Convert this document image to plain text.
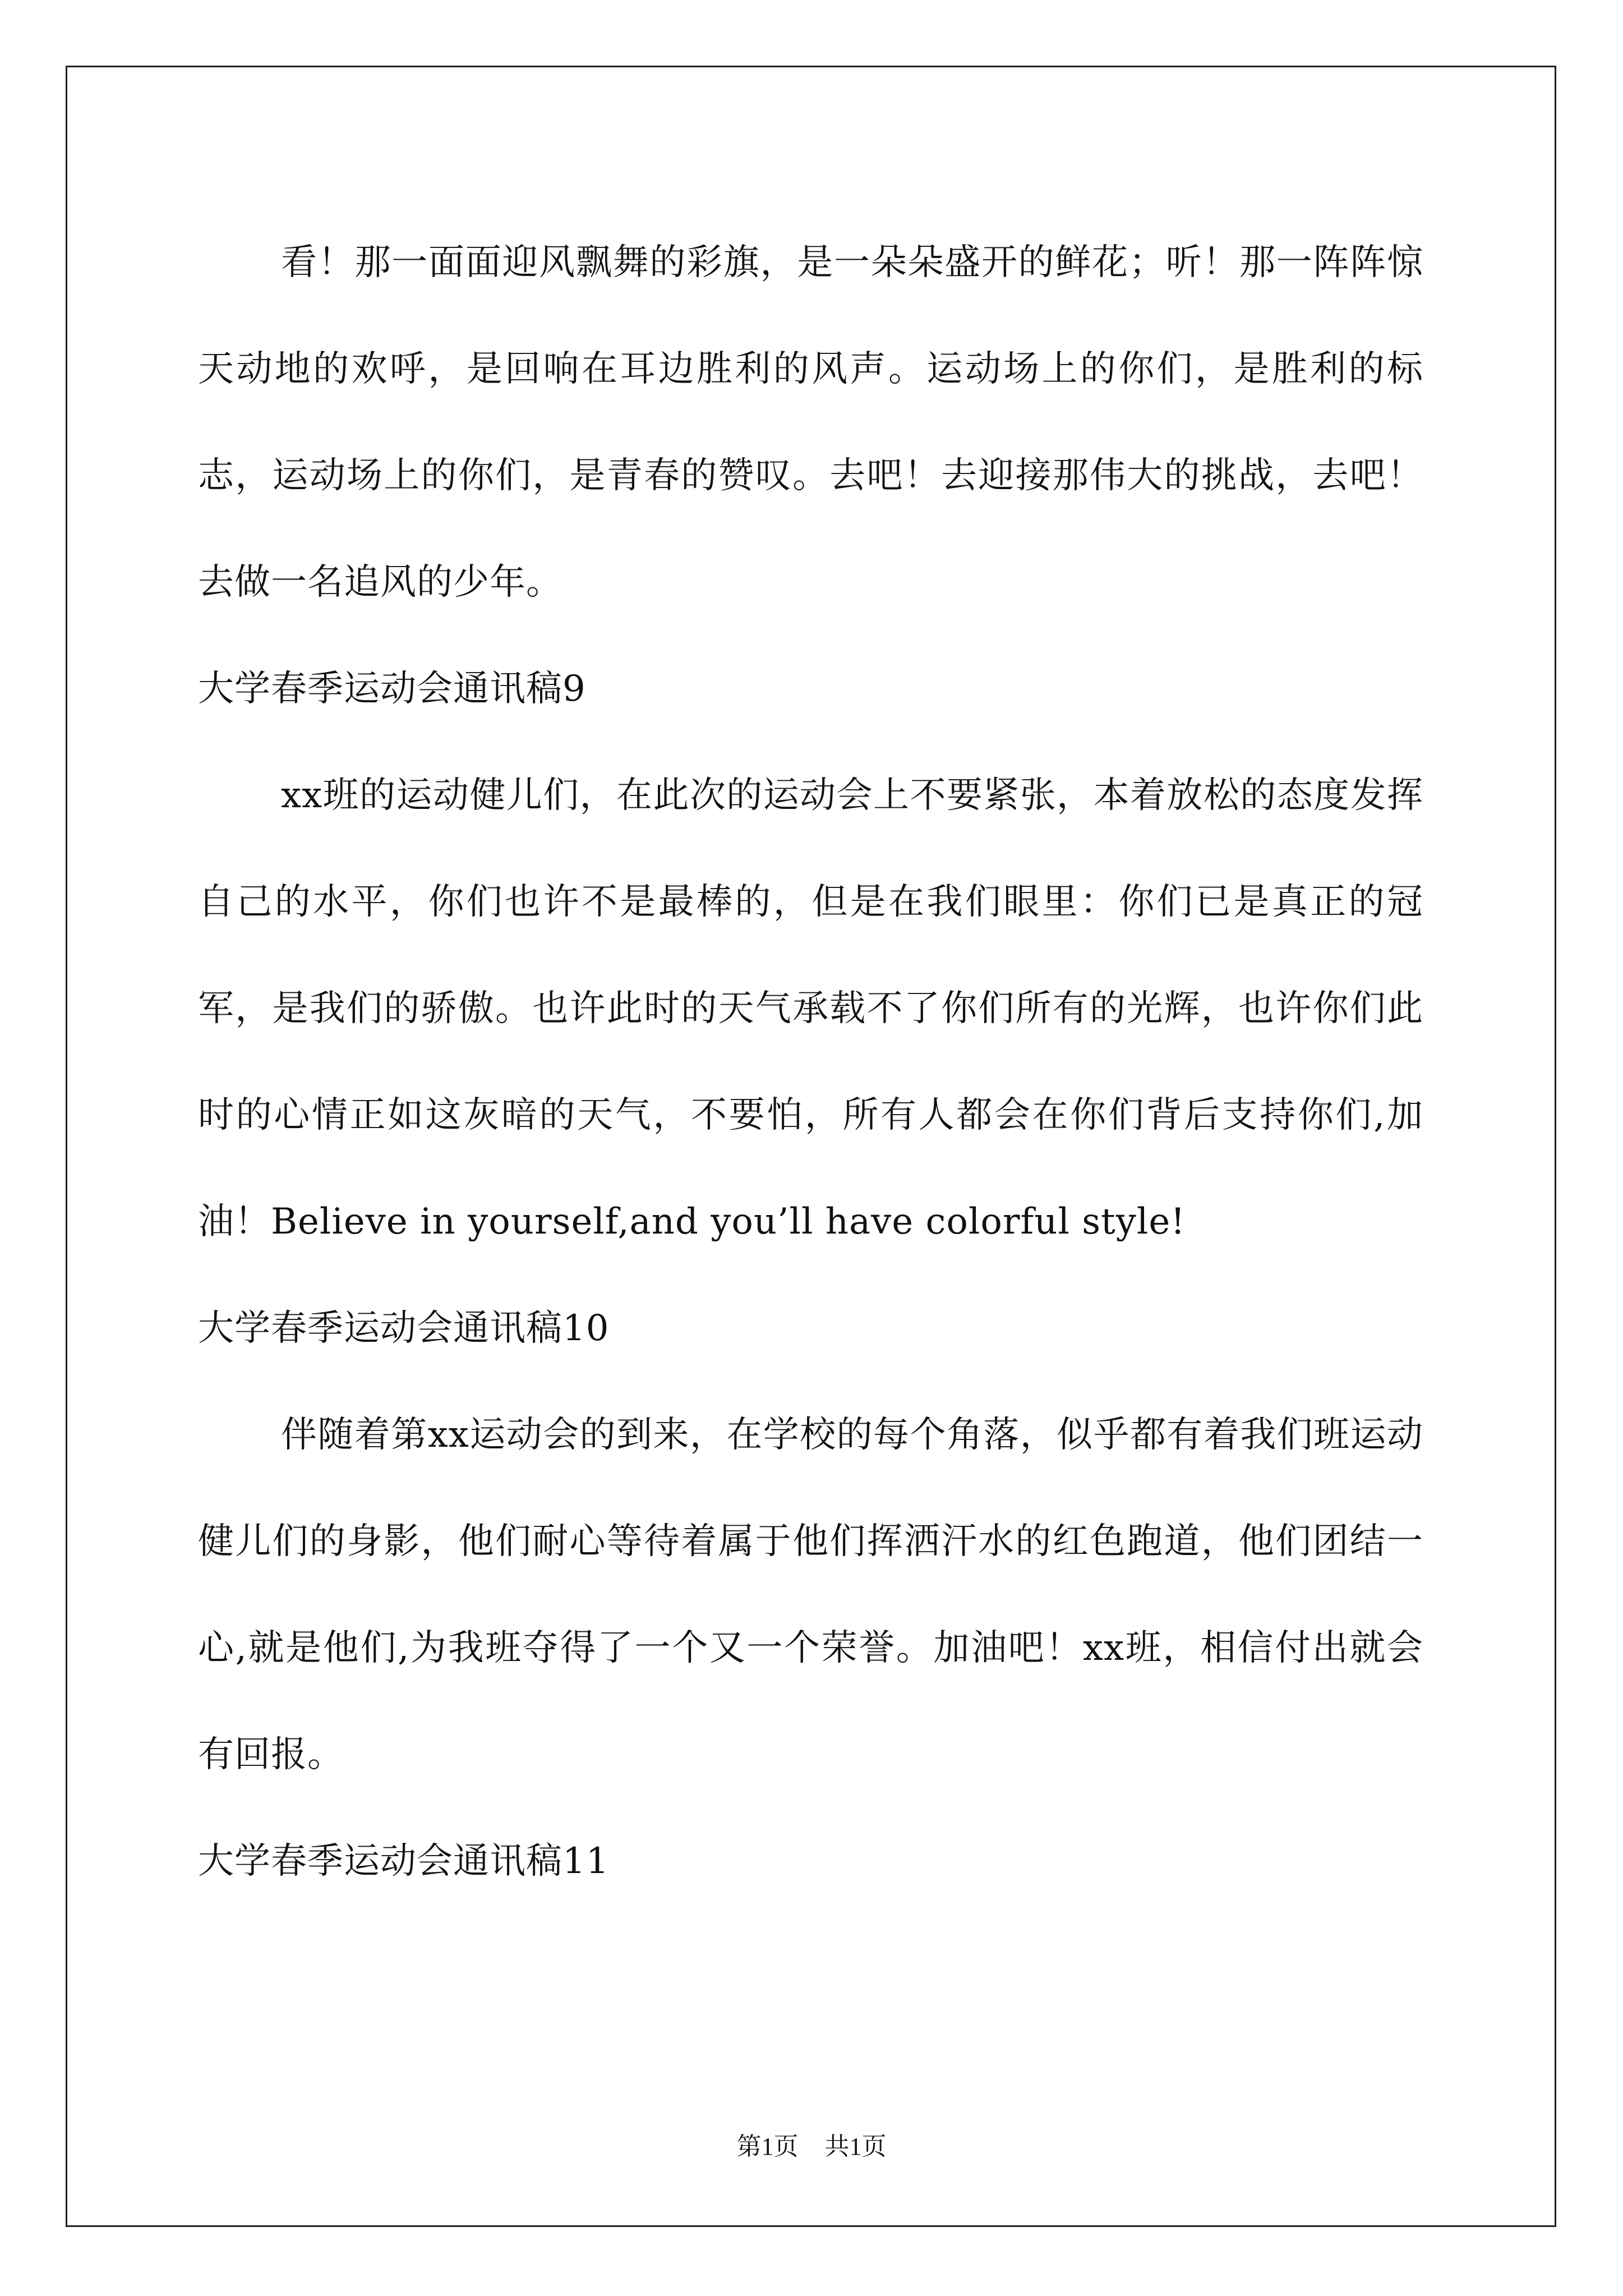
看！那一面面迎风飘舞的彩旗，是一朵朵盛开的鲜花；听！那一阵阵惊天动地的欢呼，是回响在耳边胜利的风声。运动场上的你们，是胜利的标志，运动场上的你们，是青春的赞叹。去吧！去迎接那伟大的挑战，去吧！去做一名追风的少年。

大学春季运动会通讯稿9

xx班的运动健儿们，在此次的运动会上不要紧张，本着放松的态度发挥自己的水平，你们也许不是最棒的，但是在我们眼里：你们已是真正的冠军，是我们的骄傲。也许此时的天气承载不了你们所有的光辉，也许你们此时的心情正如这灰暗的天气，不要怕，所有人都会在你们背后支持你们,加油！Believe in yourself,and you’ll have colorful style!

大学春季运动会通讯稿10

伴随着第xx运动会的到来，在学校的每个角落，似乎都有着我们班运动健儿们的身影，他们耐心等待着属于他们挥洒汗水的红色跑道，他们团结一心,就是他们,为我班夺得了一个又一个荣誉。加油吧！xx班，相信付出就会有回报。

大学春季运动会通讯稿11

第1页 共1页
